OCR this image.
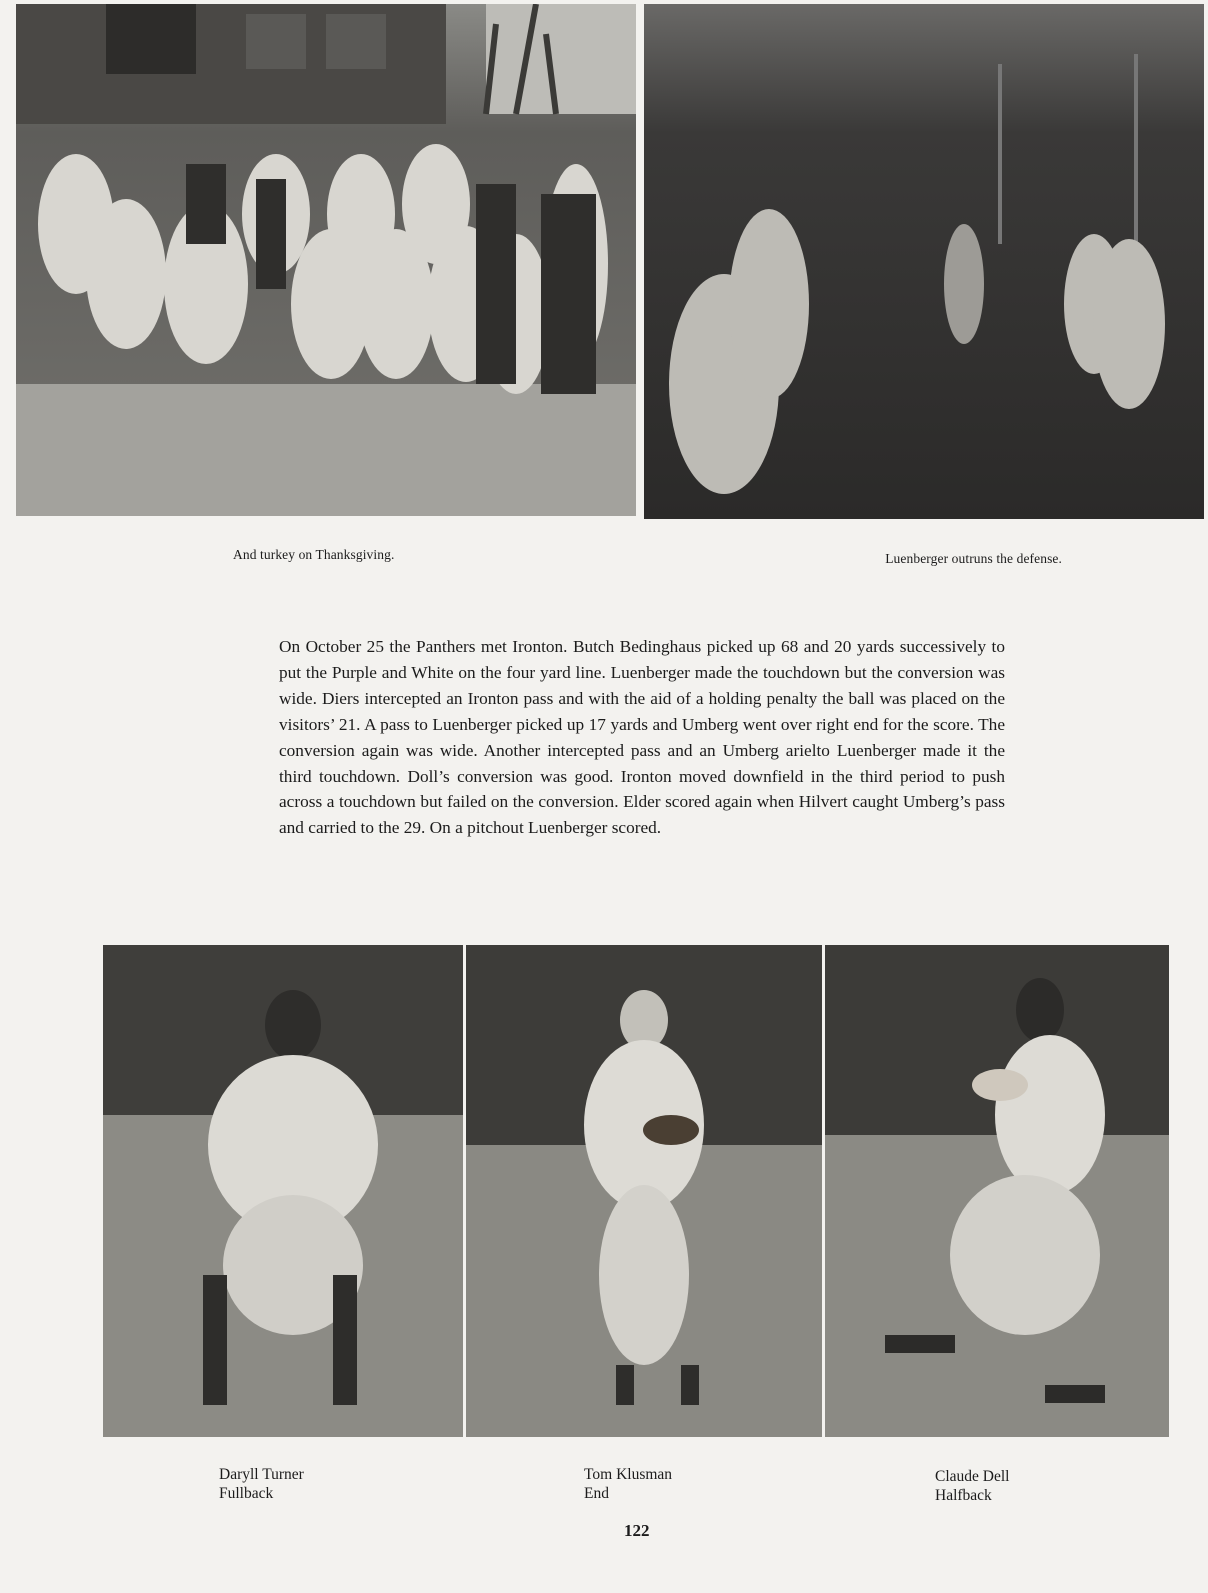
And turkey on Thanksgiving.	Luenberger outruns the defense.

On October 25 the Panthers met Ironton. Butch Bedinghaus picked up 68 and 20 yards successively to put the Purple and White on the four yard line. Luenberger made the touchdown but the conversion was wide. Diers intercepted an Ironton pass and with the aid of a holding penalty the ball was placed on the visitors’ 21. A pass to Luenberger picked up 17 yards and Umberg went over right end for the score. The conversion again was wide. Another intercepted pass and an Umberg arielto Luenberger made it the third touchdown. Doll’s conversion was good. Ironton moved downfield in the third period to push across a touchdown but failed on the conversion. Elder scored again when Hilvert caught Umberg’s pass and carried to the 29. On a pitchout Luenberger scored.

Daryll Turner
Fullback
Tom Klusman
End
Claude Dell
Halfback
122
